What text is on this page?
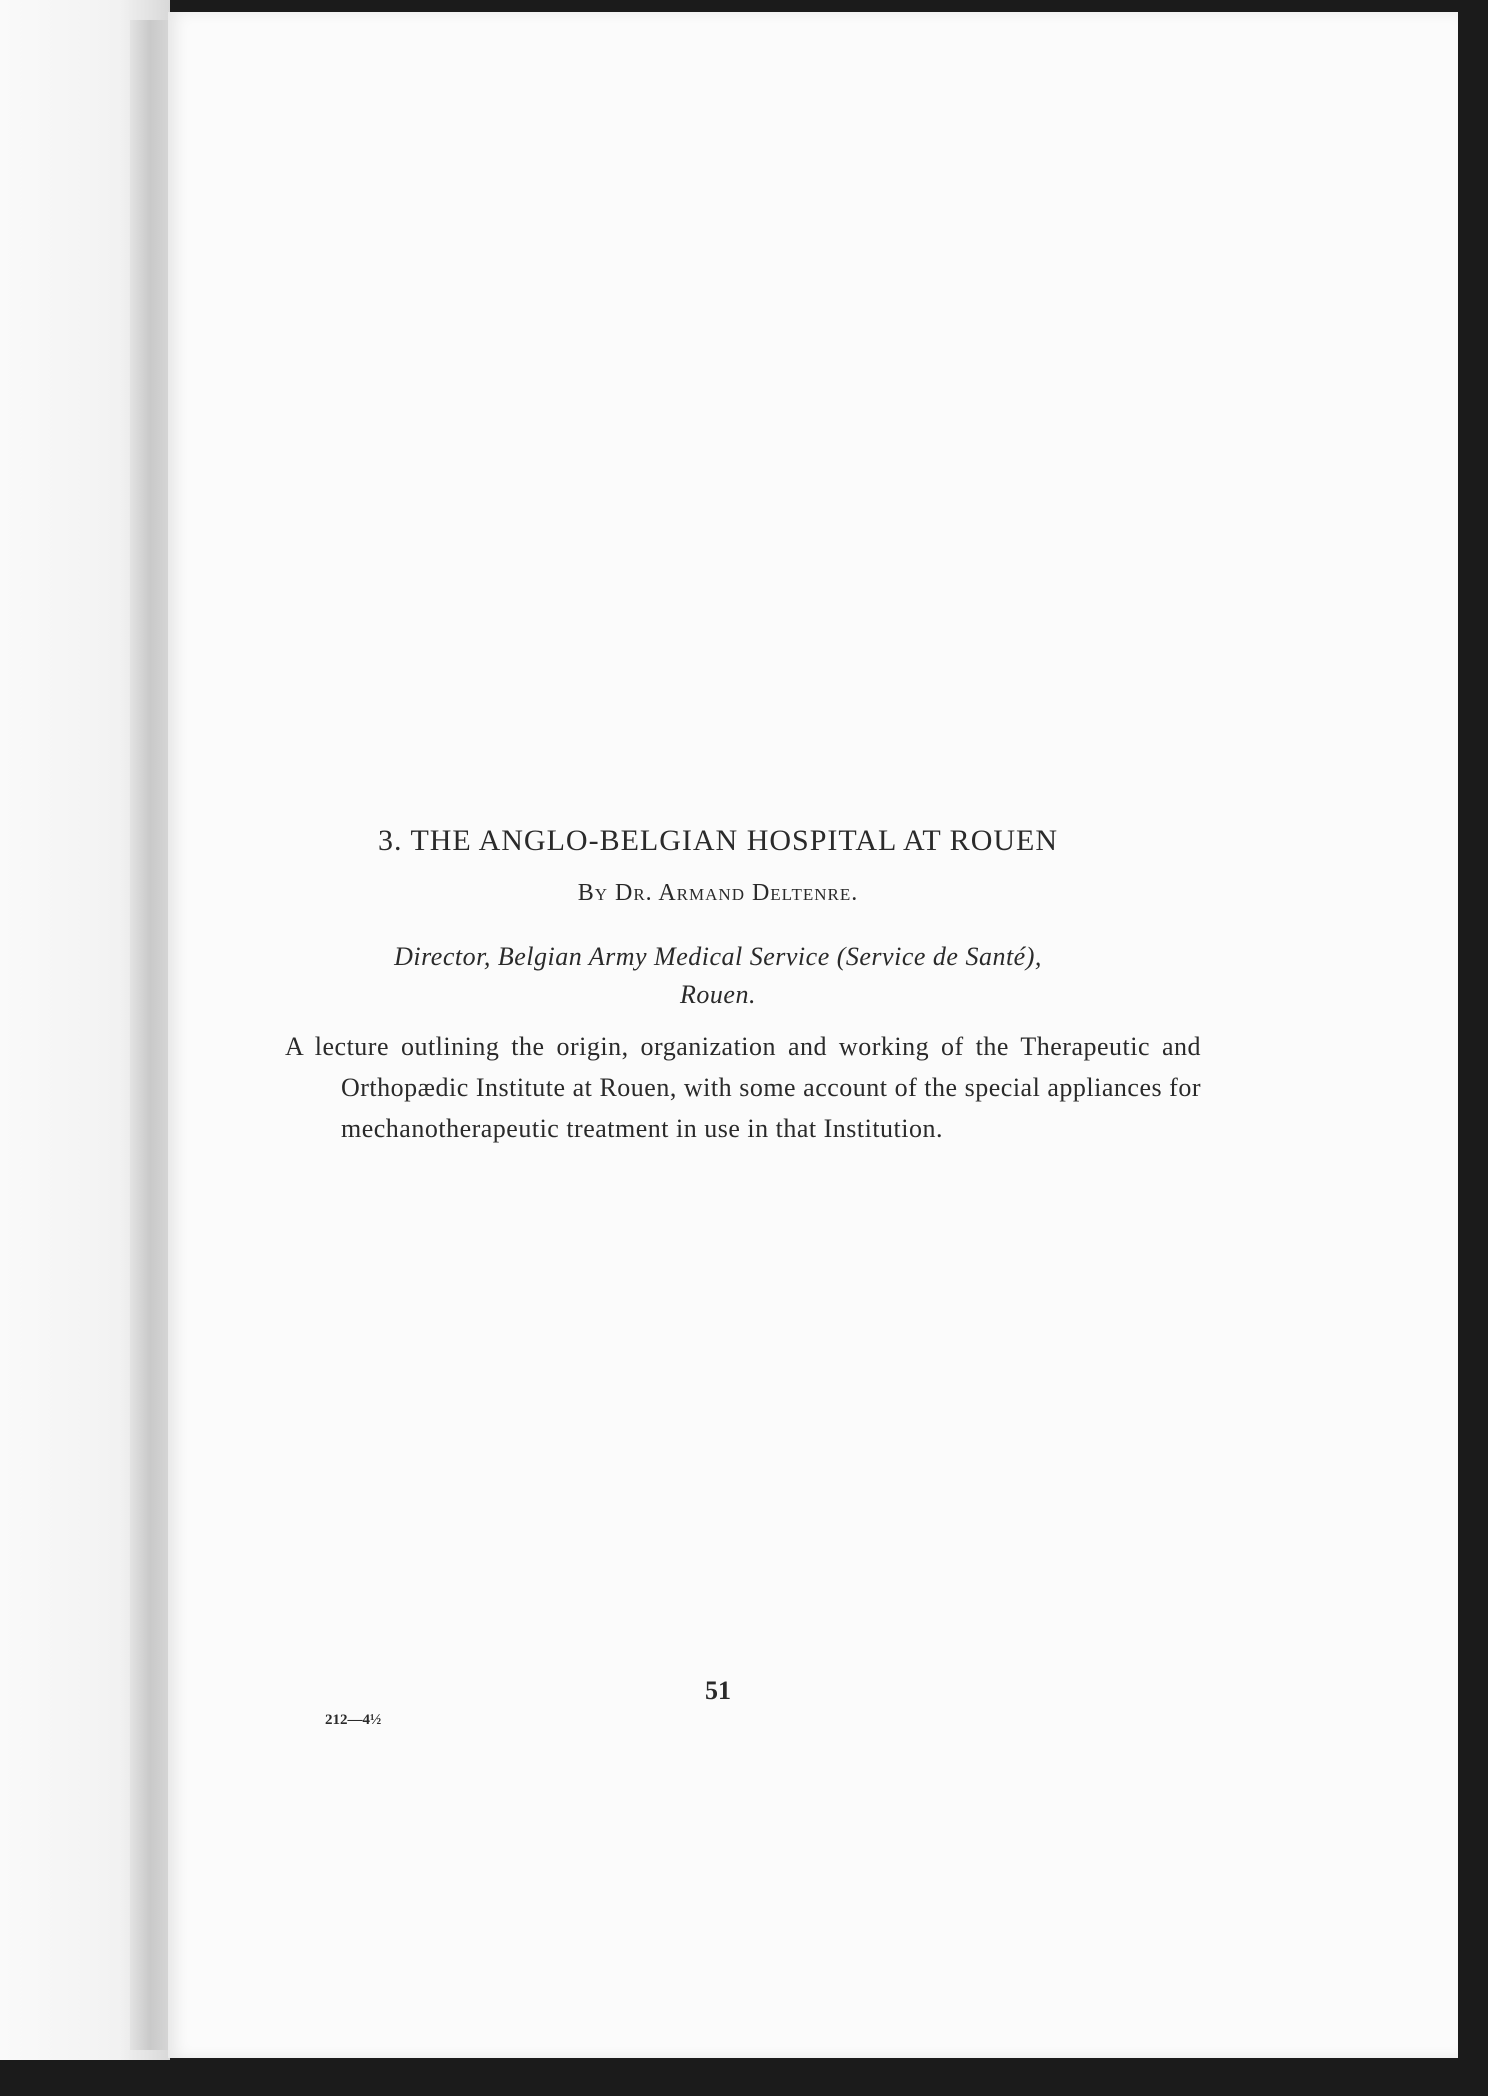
3. THE ANGLO-BELGIAN HOSPITAL AT ROUEN
By Dr. Armand Deltenre.
Director, Belgian Army Medical Service (Service de Santé),
Rouen.
A lecture outlining the origin, organization and working of the Therapeutic and Orthopædic Institute at Rouen, with some account of the special appliances for mechanotherapeutic treatment in use in that Institution.
51
212—4½
